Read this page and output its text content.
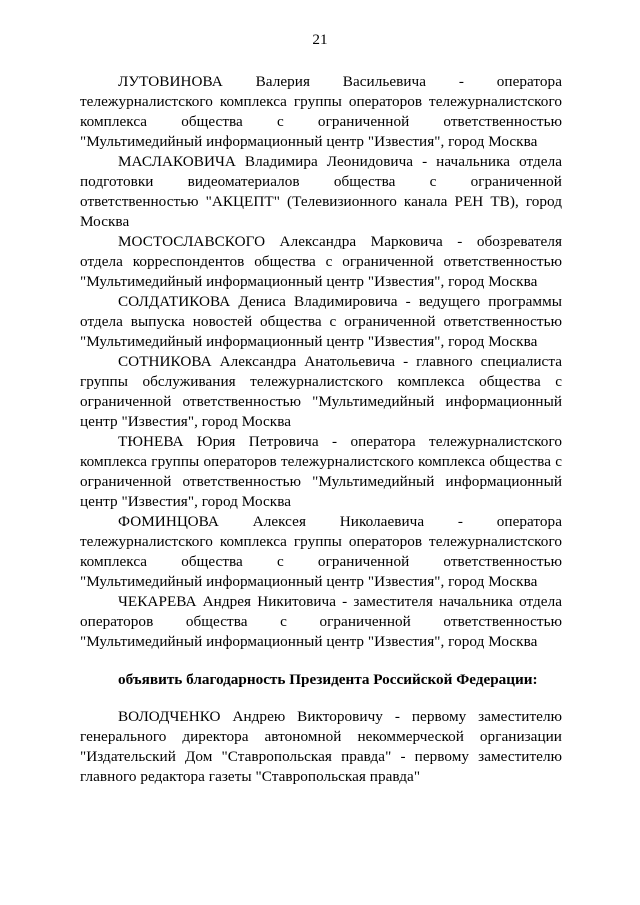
21

ЛУТОВИНОВА Валерия Васильевича - оператора тележурналистского комплекса группы операторов тележурналистского комплекса общества с ограниченной ответственностью "Мультимедийный информационный центр "Известия", город Москва

МАСЛАКОВИЧА Владимира Леонидовича - начальника отдела подготовки видеоматериалов общества с ограниченной ответственностью "АКЦЕПТ" (Телевизионного канала РЕН ТВ), город Москва

МОСТОСЛАВСКОГО Александра Марковича - обозревателя отдела корреспондентов общества с ограниченной ответственностью "Мультимедийный информационный центр "Известия", город Москва

СОЛДАТИКОВА Дениса Владимировича - ведущего программы отдела выпуска новостей общества с ограниченной ответственностью "Мультимедийный информационный центр "Известия", город Москва

СОТНИКОВА Александра Анатольевича - главного специалиста группы обслуживания тележурналистского комплекса общества с ограниченной ответственностью "Мультимедийный информационный центр "Известия", город Москва

ТЮНЕВА Юрия Петровича - оператора тележурналистского комплекса группы операторов тележурналистского комплекса общества с ограниченной ответственностью "Мультимедийный информационный центр "Известия", город Москва

ФОМИНЦОВА Алексея Николаевича - оператора тележурналистского комплекса группы операторов тележурналистского комплекса общества с ограниченной ответственностью "Мультимедийный информационный центр "Известия", город Москва

ЧЕКАРЕВА Андрея Никитовича - заместителя начальника отдела операторов общества с ограниченной ответственностью "Мультимедийный информационный центр "Известия", город Москва

объявить благодарность Президента Российской Федерации:

ВОЛОДЧЕНКО Андрею Викторовичу - первому заместителю генерального директора автономной некоммерческой организации "Издательский Дом "Ставропольская правда" - первому заместителю главного редактора газеты "Ставропольская правда"
